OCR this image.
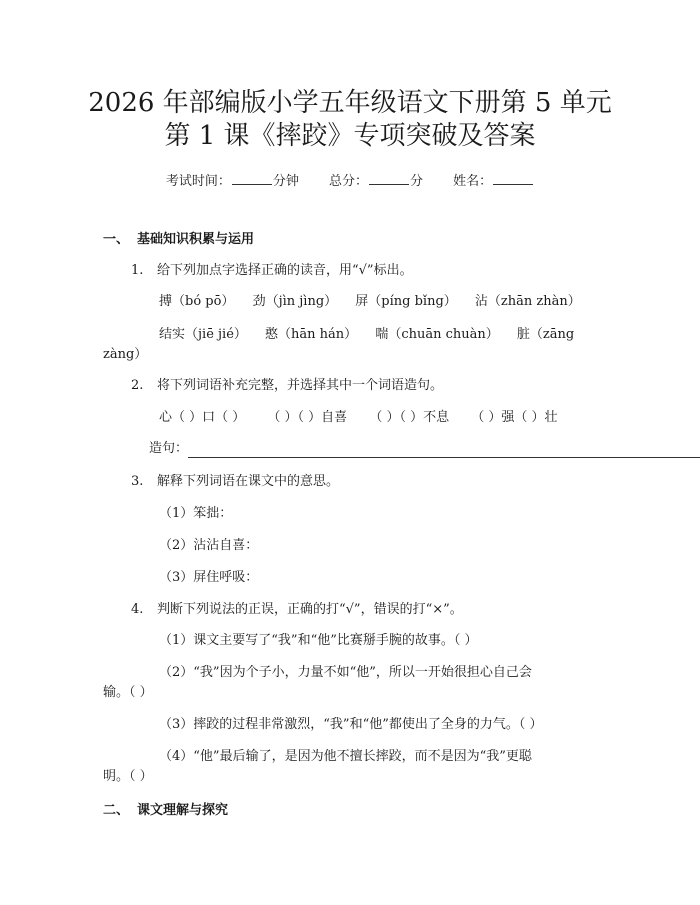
2026 年部编版小学五年级语文下册第 5 单元
第 1 课《摔跤》专项突破及答案
考试时间：	分钟 总分：	分 姓名：
一、 基础知识积累与运用
1. 给下列加点字选择正确的读音，用“√”标出。
搏（bó pō） 劲（jìn jìng） 屏（píng bǐng） 沾（zhān zhàn）
结实（jiē jié） 憨（hān hán） 喘（chuān chuàn） 脏（zāng
zàng）
2. 将下列词语补充完整，并选择其中一个词语造句。
心（ ）口（ ） （ ）（ ）自喜 （ ）（ ）不息 （ ）强（ ）壮
造句：
3. 解释下列词语在课文中的意思。
（1）笨拙：
（2）沾沾自喜：
（3）屏住呼吸：
4. 判断下列说法的正误，正确的打“√”，错误的打“×”。
（1）课文主要写了“我”和“他”比赛掰手腕的故事。（ ）
（2）“我”因为个子小，力量不如“他”，所以一开始很担心自己会
输。（ ）
（3）摔跤的过程非常激烈，“我”和“他”都使出了全身的力气。（ ）
（4）“他”最后输了，是因为他不擅长摔跤，而不是因为“我”更聪
明。（ ）
二、 课文理解与探究
